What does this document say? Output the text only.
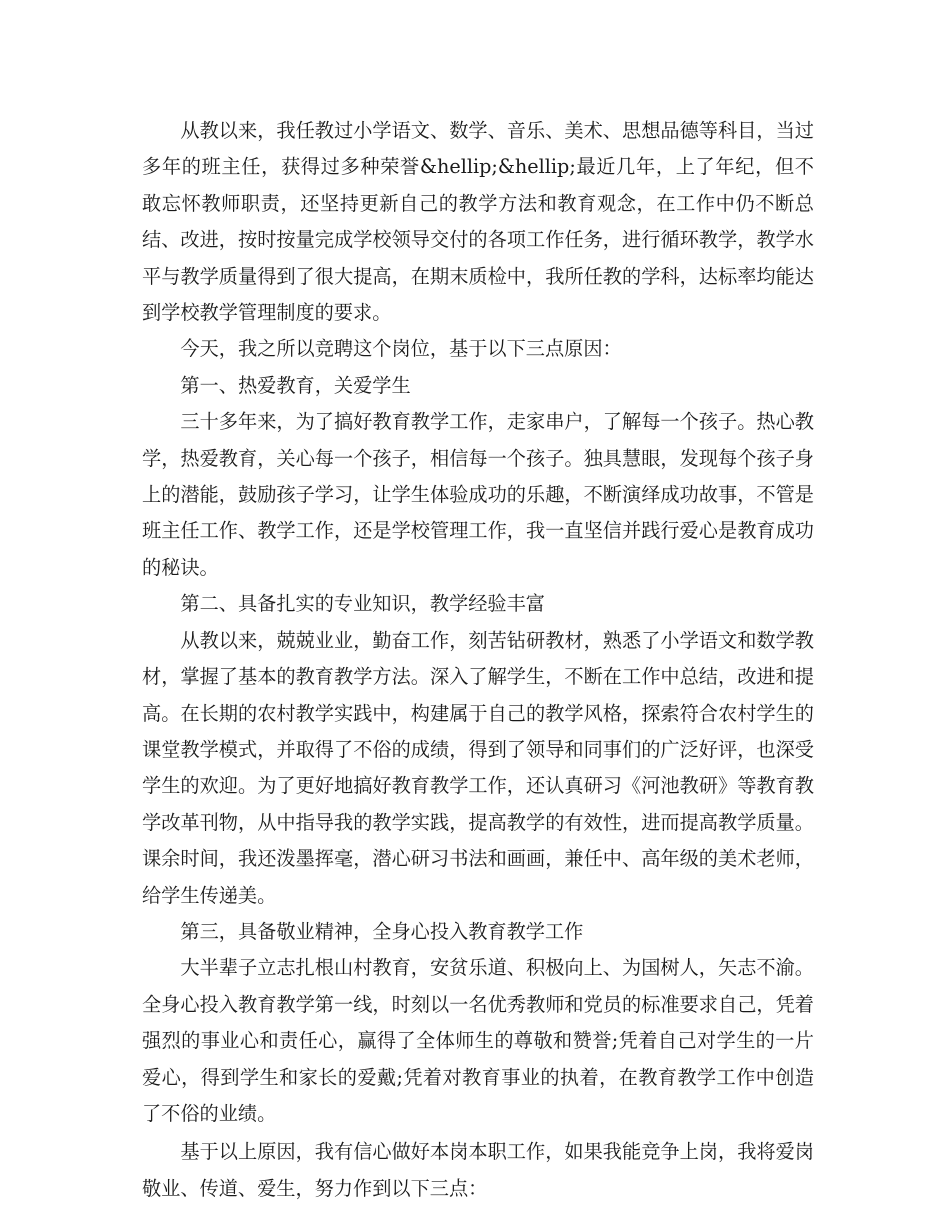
从教以来，我任教过小学语文、数学、音乐、美术、思想品德等科目，当过多年的班主任，获得过多种荣誉&hellip;&hellip;最近几年，上了年纪，但不敢忘怀教师职责，还坚持更新自己的教学方法和教育观念，在工作中仍不断总结、改进，按时按量完成学校领导交付的各项工作任务，进行循环教学，教学水平与教学质量得到了很大提高，在期末质检中，我所任教的学科，达标率均能达到学校教学管理制度的要求。

今天，我之所以竞聘这个岗位，基于以下三点原因：

第一、热爱教育，关爱学生

三十多年来，为了搞好教育教学工作，走家串户，了解每一个孩子。热心教学，热爱教育，关心每一个孩子，相信每一个孩子。独具慧眼，发现每个孩子身上的潜能，鼓励孩子学习，让学生体验成功的乐趣，不断演绎成功故事，不管是班主任工作、教学工作，还是学校管理工作，我一直坚信并践行爱心是教育成功的秘诀。

第二、具备扎实的专业知识，教学经验丰富

从教以来，兢兢业业，勤奋工作，刻苦钻研教材，熟悉了小学语文和数学教材，掌握了基本的教育教学方法。深入了解学生，不断在工作中总结，改进和提高。在长期的农村教学实践中，构建属于自己的教学风格，探索符合农村学生的课堂教学模式，并取得了不俗的成绩，得到了领导和同事们的广泛好评，也深受学生的欢迎。为了更好地搞好教育教学工作，还认真研习《河池教研》等教育教学改革刊物，从中指导我的教学实践，提高教学的有效性，进而提高教学质量。课余时间，我还泼墨挥毫，潜心研习书法和画画，兼任中、高年级的美术老师，给学生传递美。

第三，具备敬业精神，全身心投入教育教学工作

大半辈子立志扎根山村教育，安贫乐道、积极向上、为国树人，矢志不渝。全身心投入教育教学第一线，时刻以一名优秀教师和党员的标准要求自己，凭着强烈的事业心和责任心，赢得了全体师生的尊敬和赞誉;凭着自己对学生的一片爱心，得到学生和家长的爱戴;凭着对教育事业的执着，在教育教学工作中创造了不俗的业绩。

基于以上原因，我有信心做好本岗本职工作，如果我能竞争上岗，我将爱岗敬业、传道、爱生，努力作到以下三点：
